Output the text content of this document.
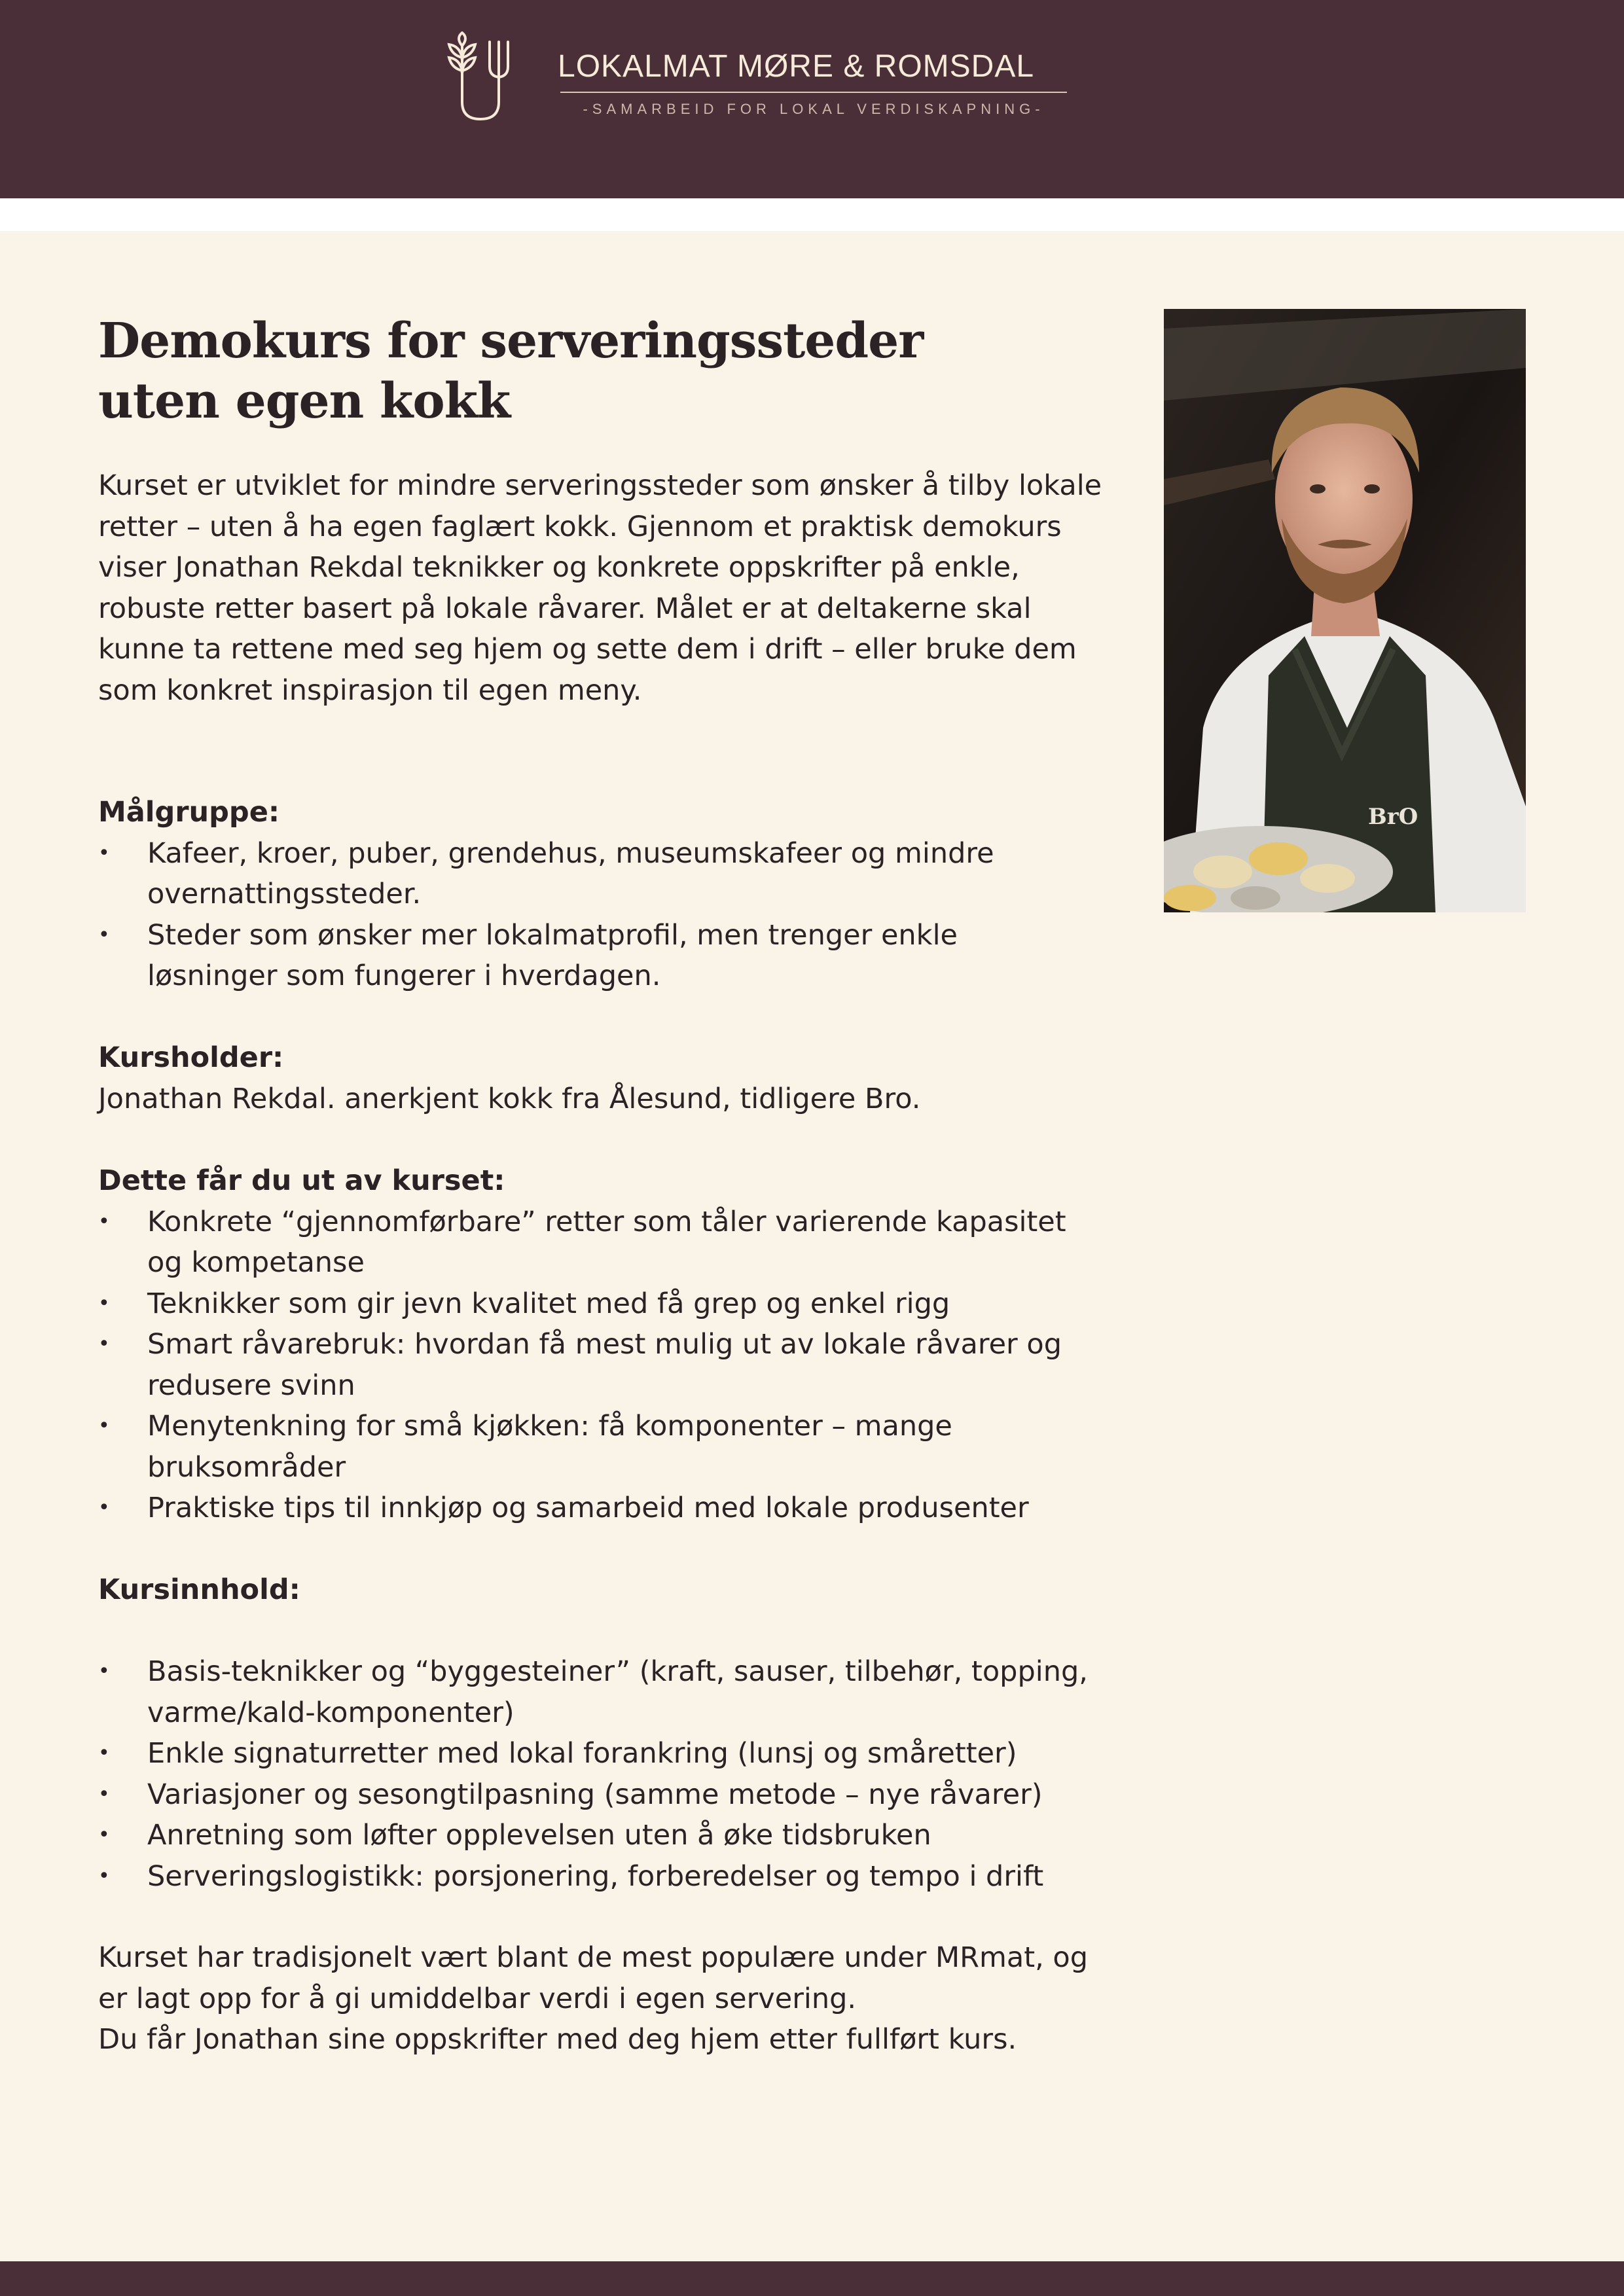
LOKALMAT MØRE & ROMSDAL
-SAMARBEID FOR LOKAL VERDISKAPNING-
Demokurs for serveringssteder
uten egen kokk
Kurset er utviklet for mindre serveringssteder som ønsker å tilby lokale
retter – uten å ha egen faglært kokk. Gjennom et praktisk demokurs
viser Jonathan Rekdal teknikker og konkrete oppskrifter på enkle,
robuste retter basert på lokale råvarer. Målet er at deltakerne skal
kunne ta rettene med seg hjem og sette dem i drift – eller bruke dem
som konkret inspirasjon til egen meny.
Målgruppe:
• Kafeer, kroer, puber, grendehus, museumskafeer og mindre
overnattingssteder.
• Steder som ønsker mer lokalmatprofil, men trenger enkle
løsninger som fungerer i hverdagen.
Kursholder:
Jonathan Rekdal. anerkjent kokk fra Ålesund, tidligere Bro.
Dette får du ut av kurset:
• Konkrete “gjennomførbare” retter som tåler varierende kapasitet
og kompetanse
• Teknikker som gir jevn kvalitet med få grep og enkel rigg
• Smart råvarebruk: hvordan få mest mulig ut av lokale råvarer og
redusere svinn
• Menytenkning for små kjøkken: få komponenter – mange
bruksområder
• Praktiske tips til innkjøp og samarbeid med lokale produsenter
Kursinnhold:
• Basis-teknikker og “byggesteiner” (kraft, sauser, tilbehør, topping,
varme/kald-komponenter)
• Enkle signaturretter med lokal forankring (lunsj og småretter)
• Variasjoner og sesongtilpasning (samme metode – nye råvarer)
• Anretning som løfter opplevelsen uten å øke tidsbruken
• Serveringslogistikk: porsjonering, forberedelser og tempo i drift
Kurset har tradisjonelt vært blant de mest populære under MRmat, og
er lagt opp for å gi umiddelbar verdi i egen servering.
Du får Jonathan sine oppskrifter med deg hjem etter fullført kurs.
BrO
